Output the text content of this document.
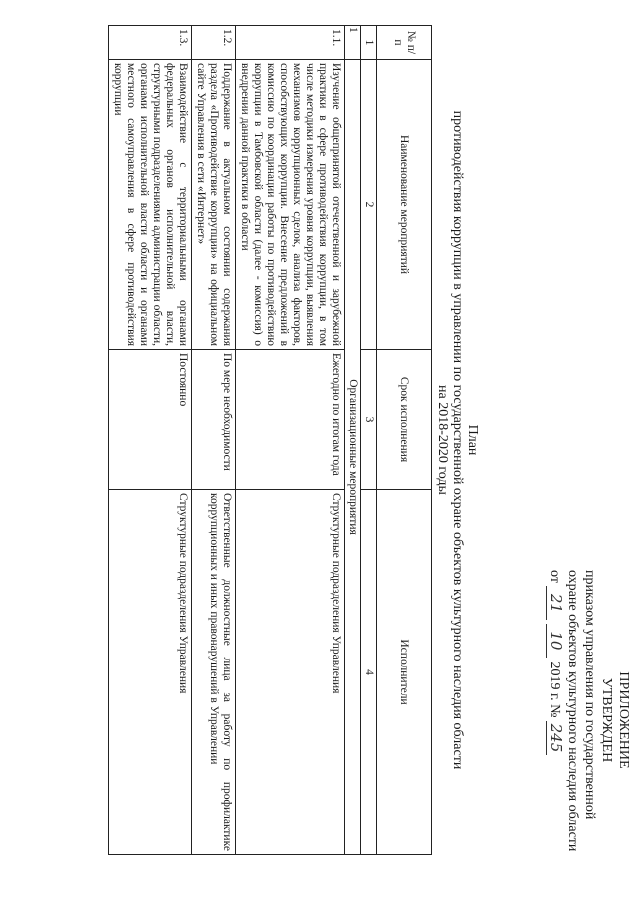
ПРИЛОЖЕНИЕ
УТВЕРЖДЕН
приказом управления по государственной
охране объектов культурного наследия области
от 21 10 2019 г. № 245
План
противодействия коррупции в управлении по государственной охране объектов культурного наследия области
на 2018-2020 годы
№ п/п	Наименование мероприятий	Срок исполнения	Исполнители
1	2	3	4
1	Организационные мероприятия		
1.1.	Изучение общепринятой отечественной и зарубежной практики в сфере противодействия коррупции, в том числе методики измерения уровня коррупции, выявления механизмов коррупционных сделок, анализа факторов, способствующих коррупции. Внесение предложений в комиссию по координации работы по противодействию коррупции в Тамбовской области (далее - комиссия) о внедрении данной практики в области	Ежегодно по итогам года	Структурные подразделения Управления
1.2.	Поддержание в актуальном состоянии содержания раздела «Противодействие коррупции» на официальном сайте Управления в сети «Интернет»	По мере необходимости	Ответственные должностные лица за работу по профилактике коррупционных и иных правонарушений в Управлении
1.3.	Взаимодействие с территориальными органами федеральных органов исполнительной власти, структурными подразделениями администрации области, органами исполнительной власти области и органами местного самоуправления в сфере противодействия коррупции	Постоянно	Структурные подразделения Управления
